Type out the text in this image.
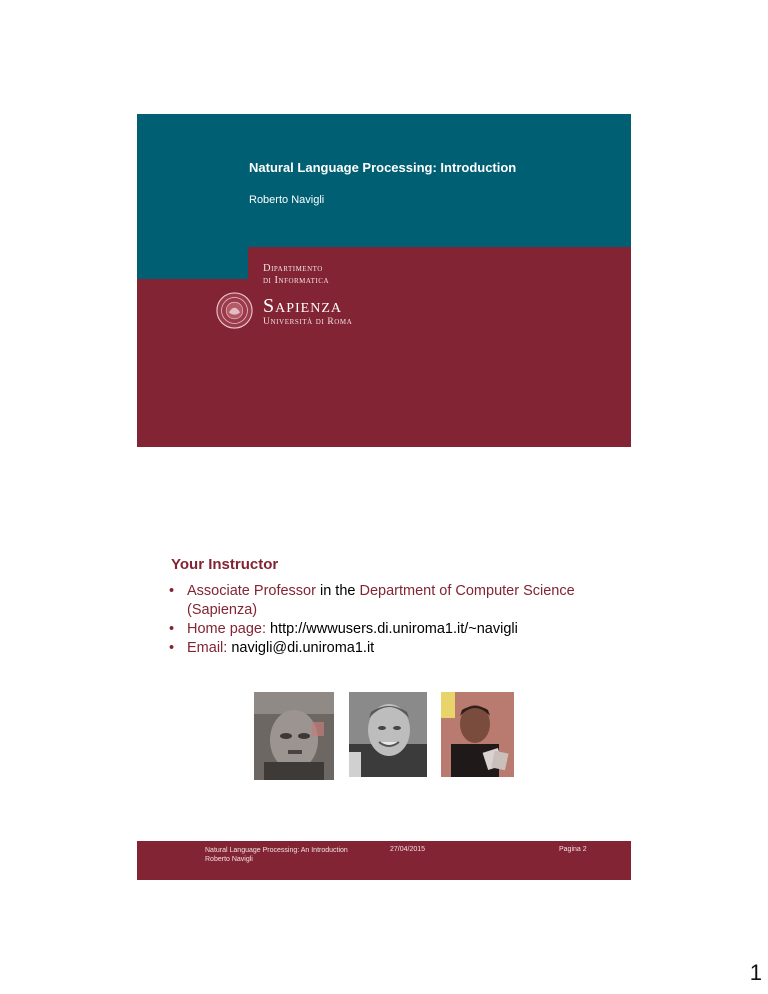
Natural Language Processing: Introduction
Roberto Navigli
Dipartimento
di Informatica
Sapienza
Università di Roma
Your Instructor
• Associate Professor in the Department of Computer Science (Sapienza)
• Home page: http://wwwusers.di.uniroma1.it/~navigli
• Email: navigli@di.uniroma1.it
Natural Language Processing: An Introduction
Roberto Navigli
27/04/2015	Pagina 2
1
